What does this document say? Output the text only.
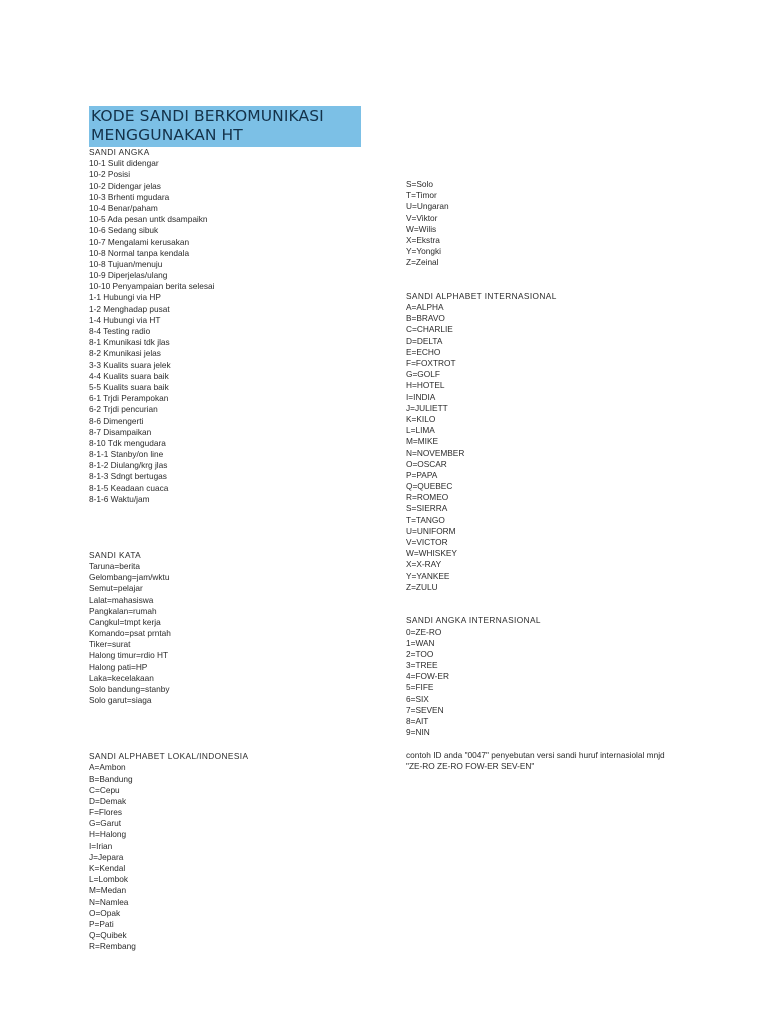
KODE SANDI BERKOMUNIKASI
MENGGUNAKAN HT
SANDI ANGKA
10-1 Sulit didengar
10-2 Posisi
10-2 Didengar jelas
10-3 Brhenti mgudara
10-4 Benar/paham
10-5 Ada pesan untk dsampaikn
10-6 Sedang sibuk
10-7 Mengalami kerusakan
10-8 Normal tanpa kendala
10-8 Tujuan/menuju
10-9 Diperjelas/ulang
10-10 Penyampaian berita selesai
1-1 Hubungi via HP
1-2 Menghadap pusat
1-4 Hubungi via HT
8-4 Testing radio
8-1 Kmunikasi tdk jlas
8-2 Kmunikasi jelas
3-3 Kualits suara jelek
4-4 Kualits suara baik
5-5 Kualits suara baik
6-1 Trjdi Perampokan
6-2 Trjdi pencurian
8-6 Dimengerti
8-7 Disampaikan
8-10 Tdk mengudara
8-1-1 Stanby/on line
8-1-2 Diulang/krg jlas
8-1-3 Sdngt bertugas
8-1-5 Keadaan cuaca
8-1-6 Waktu/jam
SANDI KATA
Taruna=berita
Gelombang=jam/wktu
Semut=pelajar
Lalat=mahasiswa
Pangkalan=rumah
Cangkul=tmpt kerja
Komando=psat prntah
Tiker=surat
Halong timur=rdio HT
Halong pati=HP
Laka=kecelakaan
Solo bandung=stanby
Solo garut=siaga
SANDI ALPHABET LOKAL/INDONESIA
A=Ambon
B=Bandung
C=Cepu
D=Demak
F=Flores
G=Garut
H=Halong
I=Irian
J=Jepara
K=Kendal
L=Lombok
M=Medan
N=Namlea
O=Opak
P=Pati
Q=Quibek
R=Rembang
S=Solo
T=Timor
U=Ungaran
V=Viktor
W=Wilis
X=Ekstra
Y=Yongki
Z=Zeinal
SANDI ALPHABET INTERNASIONAL
A=ALPHA
B=BRAVO
C=CHARLIE
D=DELTA
E=ECHO
F=FOXTROT
G=GOLF
H=HOTEL
I=INDIA
J=JULIETT
K=KILO
L=LIMA
M=MIKE
N=NOVEMBER
O=OSCAR
P=PAPA
Q=QUEBEC
R=ROMEO
S=SIERRA
T=TANGO
U=UNIFORM
V=VICTOR
W=WHISKEY
X=X-RAY
Y=YANKEE
Z=ZULU
SANDI ANGKA INTERNASIONAL
0=ZE-RO
1=WAN
2=TOO
3=TREE
4=FOW-ER
5=FIFE
6=SIX
7=SEVEN
8=AIT
9=NIN
contoh ID anda "0047" penyebutan versi sandi huruf internasiolal mnjd
"ZE-RO ZE-RO FOW-ER SEV-EN"
